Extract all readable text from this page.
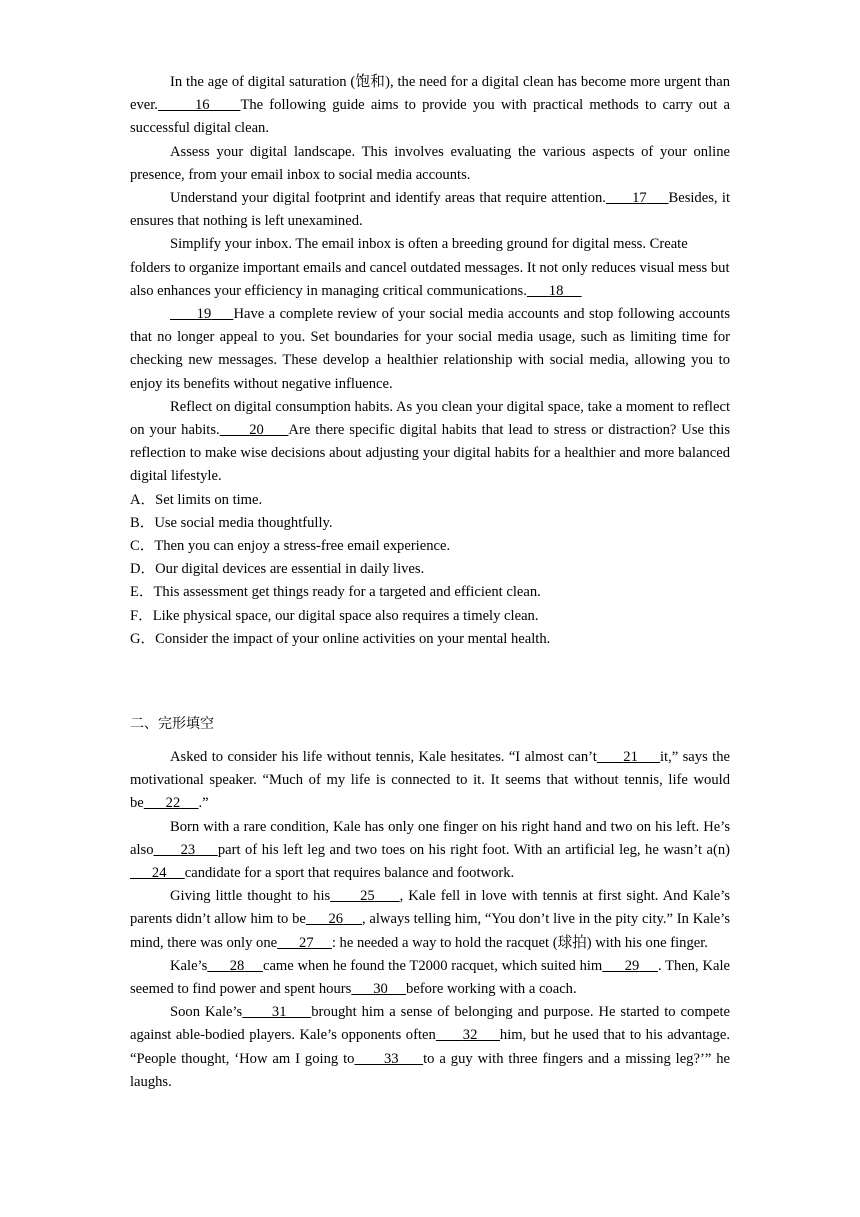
In the age of digital saturation (饱和), the need for a digital clean has become more urgent than ever.	16 The following guide aims to provide you with practical methods to carry out a successful digital clean.

Assess your digital landscape. This involves evaluating the various aspects of your online presence, from your email inbox to social media accounts.

Understand your digital footprint and identify areas that require attention. 17 Besides, it ensures that nothing is left unexamined.

Simplify your inbox. The email inbox is often a breeding ground for digital mess. Create folders to organize important emails and cancel outdated messages. It not only reduces visual mess but also enhances your efficiency in managing critical communications. 18

19 Have a complete review of your social media accounts and stop following accounts that no longer appeal to you. Set boundaries for your social media usage, such as limiting time for checking new messages. These develop a healthier relationship with social media, allowing you to enjoy its benefits without negative influence.

Reflect on digital consumption habits. As you clean your digital space, take a moment to reflect on your habits. 20 Are there specific digital habits that lead to stress or distraction? Use this reflection to make wise decisions about adjusting your digital habits for a healthier and more balanced digital lifestyle.

A．Set limits on time.
B．Use social media thoughtfully.
C．Then you can enjoy a stress-free email experience.
D．Our digital devices are essential in daily lives.
E．This assessment get things ready for a targeted and efficient clean.
F．Like physical space, our digital space also requires a timely clean.
G．Consider the impact of your online activities on your mental health.
二、完形填空

Asked to consider his life without tennis, Kale hesitates. “I almost can’t 21 it,” says the motivational speaker. “Much of my life is connected to it. It seems that without tennis, life would be 22 .”

Born with a rare condition, Kale has only one finger on his right hand and two on his left. He’s also 23 part of his left leg and two toes on his right foot. With an artificial leg, he wasn’t a(n)       24 candidate for a sport that requires balance and footwork.

Giving little thought to his 25 , Kale fell in love with tennis at first sight. And Kale’s parents didn’t allow him to be 26 , always telling him, “You don’t live in the pity city.” In Kale’s mind, there was only one 27 : he needed a way to hold the racquet (球拍) with his one finger.

Kale’s 28 came when he found the T2000 racquet, which suited him 29 . Then, Kale seemed to find power and spent hours 30 before working with a coach.

Soon Kale’s 31 brought him a sense of belonging and purpose. He started to compete against able-bodied players. Kale’s opponents often 32 him, but he used that to his advantage. “People thought, ‘How am I going to 33 to a guy with three fingers and a missing leg?’” he laughs.
